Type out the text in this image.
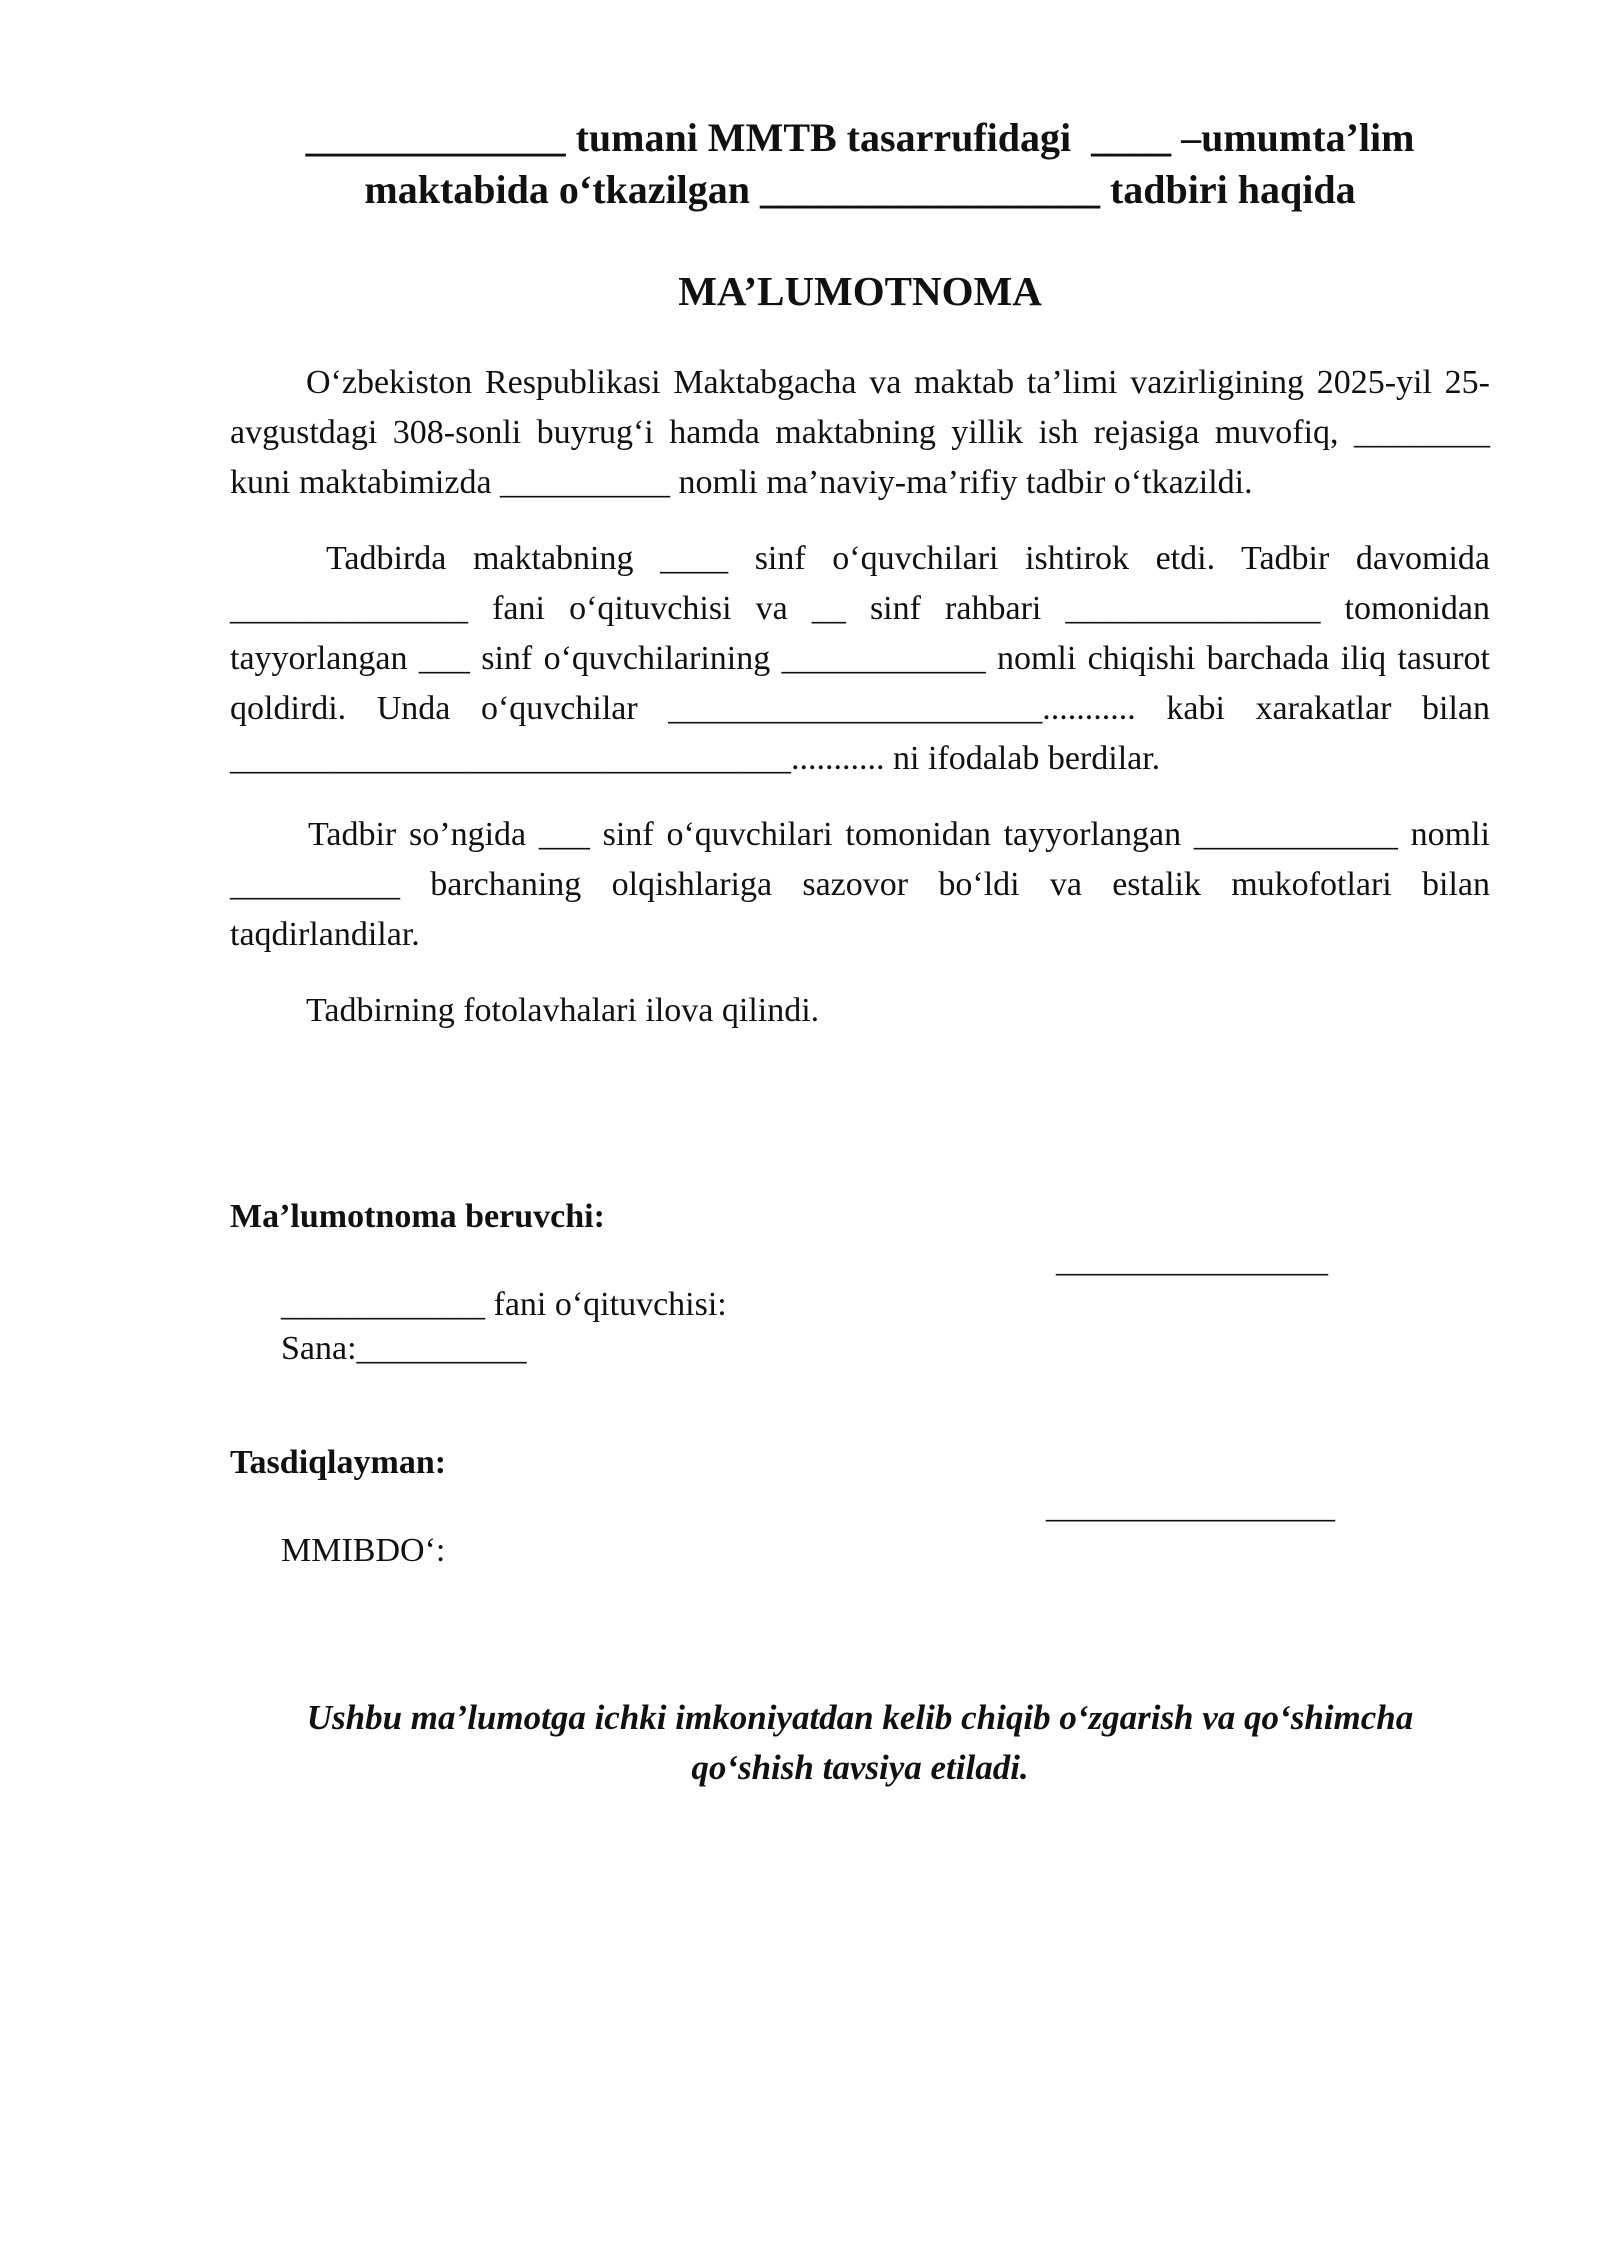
_____________ tumani MMTB tasarrufidagi  ____ –umumta’lim
maktabida o‘tkazilgan _________________ tadbiri haqida
MA’LUMOTNOMA

O‘zbekiston Respublikasi Maktabgacha va maktab ta’limi vazirligining 2025-yil 25-avgustdagi 308-sonli buyrug‘i hamda maktabning yillik ish rejasiga muvofiq, ________ kuni maktabimizda __________ nomli ma’naviy-ma’rifiy tadbir o‘tkazildi.

Tadbirda maktabning ____ sinf o‘quvchilari ishtirok etdi. Tadbir davomida ______________ fani o‘qituvchisi va __ sinf rahbari _______________ tomonidan tayyorlangan ___ sinf o‘quvchilarining ____________ nomli chiqishi barchada iliq tasurot qoldirdi. Unda o‘quvchilar ______________________........... kabi xarakatlar bilan _________________________________........... ni ifodalab berdilar.

Tadbir so’ngida ___ sinf o‘quvchilari tomonidan tayyorlangan ____________ nomli __________ barchaning olqishlariga sazovor bo‘ldi va estalik mukofotlari bilan taqdirlandilar.

Tadbirning fotolavhalari ilova qilindi.

Ma’lumotnoma beruvchi:

____________ fani o‘qituvchisi:

________________

Sana:__________

Tasdiqlayman:

MMIBDO‘:

_________________

Ushbu ma’lumotga ichki imkoniyatdan kelib chiqib o‘zgarish va qo‘shimcha
qo‘shish tavsiya etiladi.
